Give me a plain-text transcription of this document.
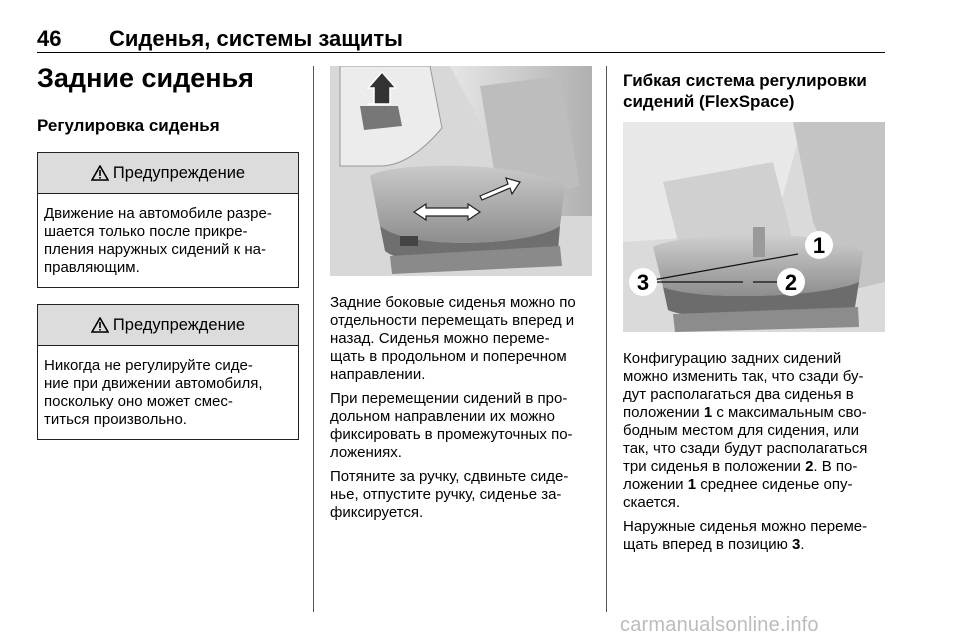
46 Сиденья, системы защиты
Задние сиденья
Регулировка сиденья
Предупреждение
Движение на автомобиле разре-
шается только после прикре-
пления наружных сидений к на-
правляющим.
Предупреждение
Никогда не регулируйте сиде-
ние при движении автомобиля,
поскольку оно может смес-
титься произвольно.

Задние боковые сиденья можно по
отдельности перемещать вперед и
назад. Сиденья можно переме-
щать в продольном и поперечном
направлении.

При перемещении сидений в про-
дольном направлении их можно
фиксировать в промежуточных по-
ложениях.

Потяните за ручку, сдвиньте сиде-
нье, отпустите ручку, сиденье за-
фиксируется.

Гибкая система регулировки
сидений (FlexSpace)
1
2
3

Конфигурацию задних сидений
можно изменить так, что сзади бу-
дут располагаться два сиденья в
положении 1 с максимальным сво-
бодным местом для сидения, или
так, что сзади будут располагаться
три сиденья в положении 2. В по-
ложении 1 среднее сиденье опу-
скается.

Наружные сиденья можно переме-
щать вперед в позицию 3.

carmanualsonline.info
